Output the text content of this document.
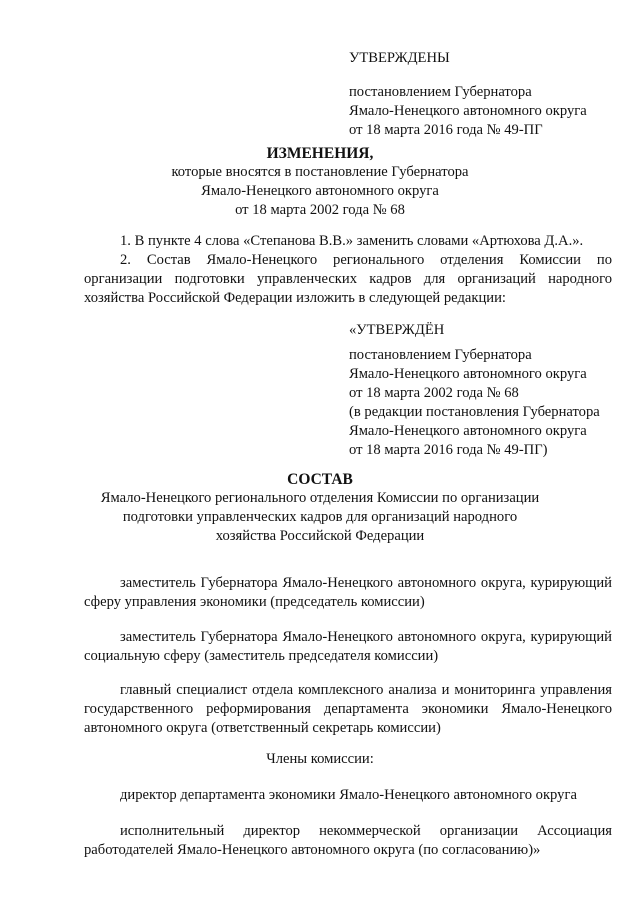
УТВЕРЖДЕНЫ
постановлением Губернатора
Ямало-Ненецкого автономного округа
от 18 марта 2016 года № 49-ПГ
ИЗМЕНЕНИЯ,
которые вносятся в постановление Губернатора
Ямало-Ненецкого автономного округа
от 18 марта 2002 года № 68

1. В пункте 4 слова «Степанова В.В.» заменить словами «Артюхова Д.А.».

2. Состав Ямало-Ненецкого регионального отделения Комиссии по организации подготовки управленческих кадров для организаций народного хозяйства Российской Федерации изложить в следующей редакции:

«УТВЕРЖДЁН
постановлением Губернатора
Ямало-Ненецкого автономного округа
от 18 марта 2002 года № 68
(в редакции постановления Губернатора
Ямало-Ненецкого автономного округа
от 18 марта 2016 года № 49-ПГ)
СОСТАВ
Ямало-Ненецкого регионального отделения Комиссии по организации
подготовки управленческих кадров для организаций народного
хозяйства Российской Федерации

заместитель Губернатора Ямало-Ненецкого автономного округа, курирующий сферу управления экономики (председатель комиссии)

заместитель Губернатора Ямало-Ненецкого автономного округа, курирующий социальную сферу (заместитель председателя комиссии)

главный специалист отдела комплексного анализа и мониторинга управления государственного реформирования департамента экономики Ямало-Ненецкого автономного округа (ответственный секретарь комиссии)

Члены комиссии:

директор департамента экономики Ямало-Ненецкого автономного округа

исполнительный директор некоммерческой организации Ассоциация работодателей Ямало-Ненецкого автономного округа (по согласованию)»
